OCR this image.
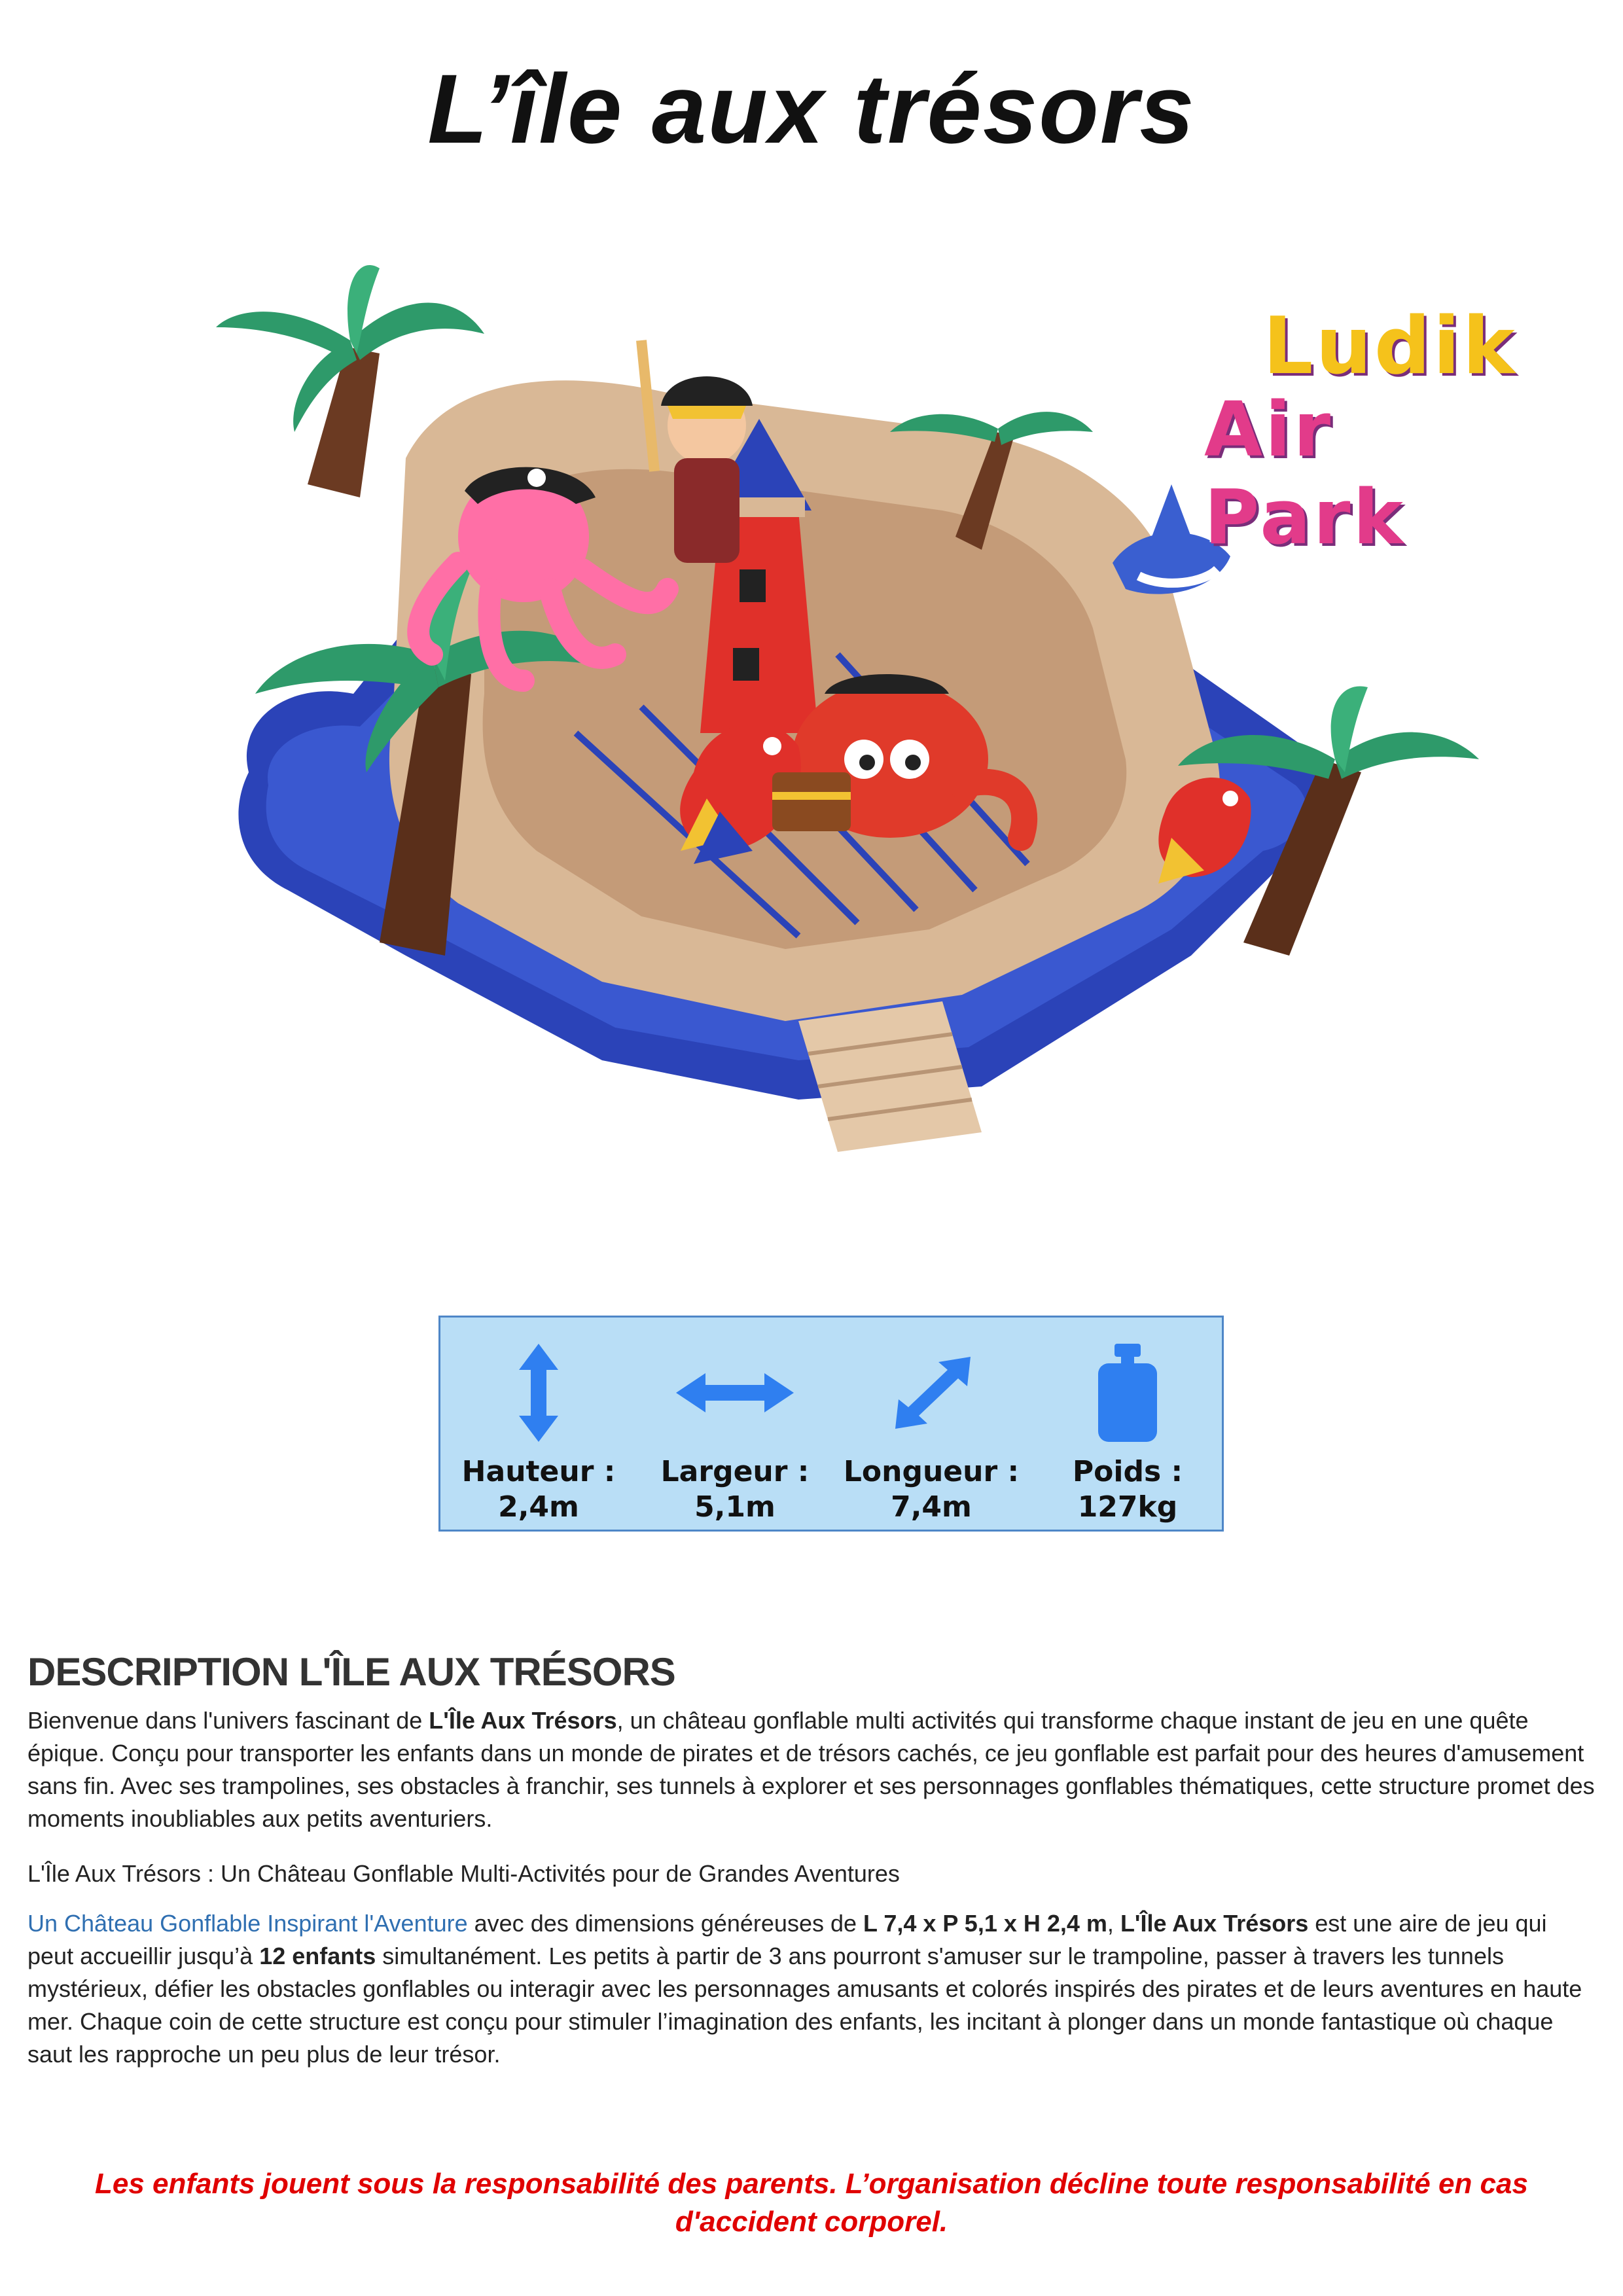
L’île aux trésors
Ludik
Air Park
Hauteur :
2,4m
Largeur :
5,1m
Longueur :
7,4m
Poids :
127kg
DESCRIPTION L'ÎLE AUX TRÉSORS

Bienvenue dans l'univers fascinant de L'Île Aux Trésors, un château gonflable multi activités qui transforme chaque instant de jeu en une quête épique. Conçu pour transporter les enfants dans un monde de pirates et de trésors cachés, ce jeu gonflable est parfait pour des heures d'amusement sans fin. Avec ses trampolines, ses obstacles à franchir, ses tunnels à explorer et ses personnages gonflables thématiques, cette structure promet des moments inoubliables aux petits aventuriers.

L'Île Aux Trésors : Un Château Gonflable Multi-Activités pour de Grandes Aventures

Un Château Gonflable Inspirant l'Aventure avec des dimensions généreuses de L 7,4 x P 5,1 x H 2,4 m, L'Île Aux Trésors est une aire de jeu qui peut accueillir jusqu’à 12 enfants simultanément. Les petits à partir de 3 ans pourront s'amuser sur le trampoline, passer à travers les tunnels mystérieux, défier les obstacles gonflables ou interagir avec les personnages amusants et colorés inspirés des pirates et de leurs aventures en haute mer. Chaque coin de cette structure est conçu pour stimuler l’imagination des enfants, les incitant à plonger dans un monde fantastique où chaque saut les rapproche un peu plus de leur trésor.

Les enfants jouent sous la responsabilité des parents. L’organisation décline toute responsabilité en cas d'accident corporel.
